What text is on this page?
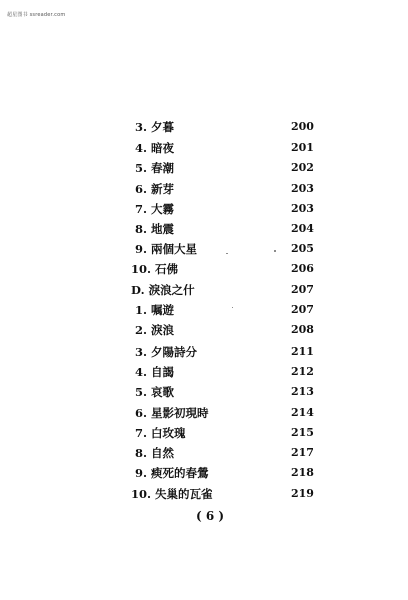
超星图书 ssreader.com
3. 夕暮	200
4. 暗夜	201
5. 春潮	202
6. 新芽	203
7. 大霧	203
8. 地震	204
9. 兩個大星	205
10. 石佛	206
D. 淚浪之什	207
1. 嘱遊	207
2. 淚浪	208
3. 夕陽詩分	211
4. 自謁	212
5. 哀歌	213
6. 星影初現時	214
7. 白玫瑰	215
8. 自然	217
9. 瘐死的春鶯	218
10. 失巢的瓦雀	219
( 6 )
